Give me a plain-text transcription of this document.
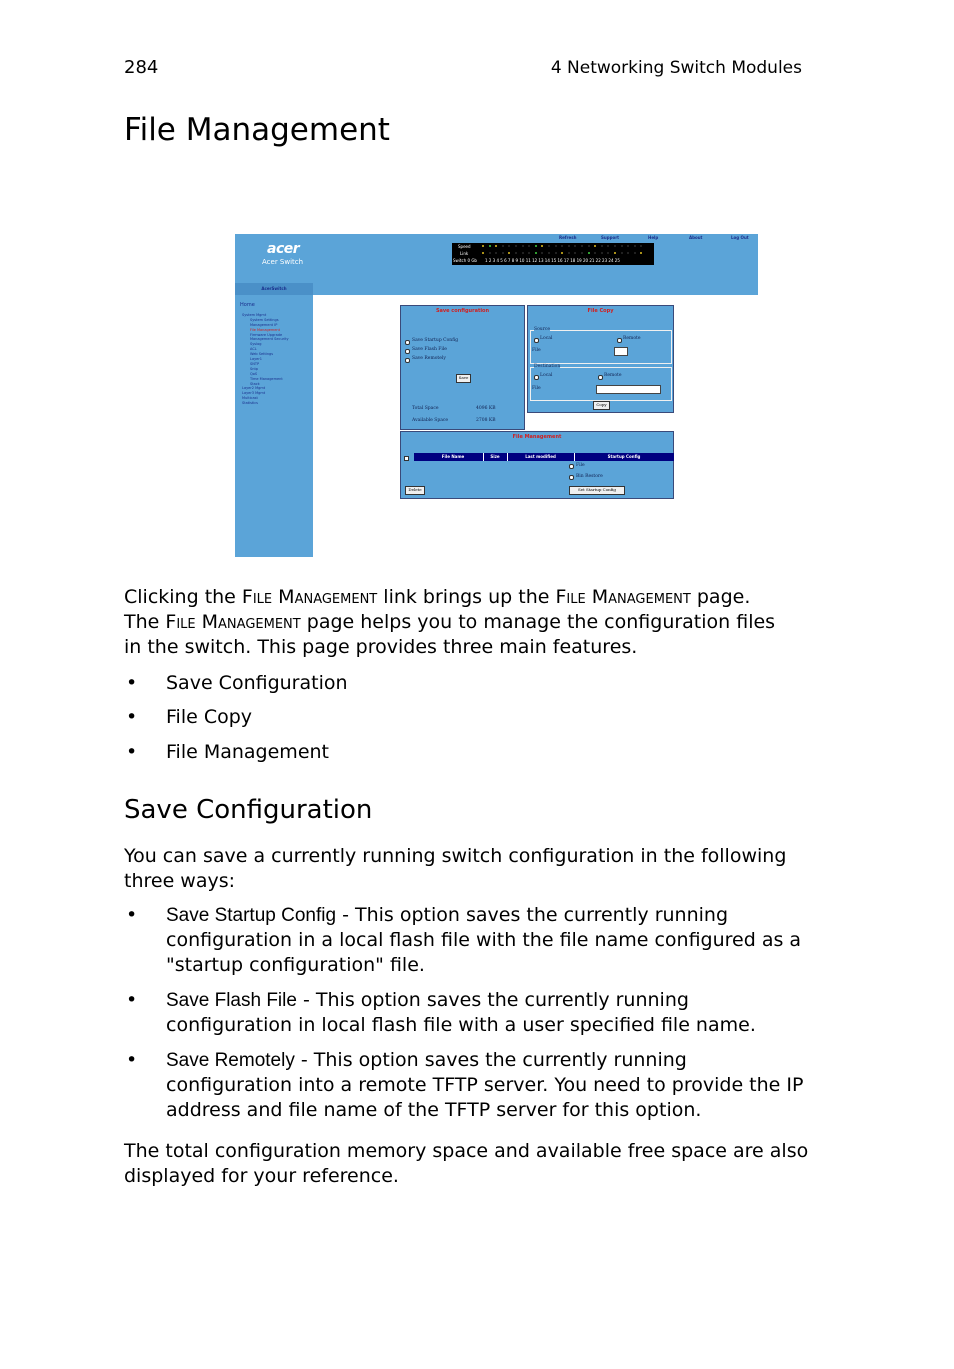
284	4 Networking Switch Modules
File Management
acer
Acer Switch
Refresh	Support	Help	About	Log Out
Speed
Link
Switch 0 Gb 1 2 3 4 5 6 7 8 9 10 11 12 13 14 15 16 17 18 19 20 21 22 23 24 25
AcerSwitch
Home
System Mgmt
System Settings
Management IP
File Management
Firmware Upgrade
Management Security
Syslog
ACL
Web Settings
Layer1
SNTP
Sntp
QoS
Time Management
Stack
Layer2 Mgmt
Layer3 Mgmt
Multicast
Statistics
Save configuration
Save Startup Config
Save Flash File
Save Remotely
Save
Total Space	4096 KB
Available Space	2708 KB
File Copy
Source
Local	Remote
File
Destination
Local	Remote
File
Copy
File Management
File Name	Size	Last modified	Startup Config
File
Bin Restore
Delete	Set Startup Config

Clicking the File Management link brings up the File Management page.
The File Management page helps you to manage the configuration files
in the switch. This page provides three main features.

• Save Configuration
• File Copy
• File Management
Save Configuration

You can save a currently running switch configuration in the following three ways:

• Save Startup Config - This option saves the currently running configuration in a local flash file with the file name configured as a "startup configuration" file.
• Save Flash File - This option saves the currently running configuration in local flash file with a user specified file name.
• Save Remotely - This option saves the currently running configuration into a remote TFTP server. You need to provide the IP address and file name of the TFTP server for this option.

The total configuration memory space and available free space are also displayed for your reference.
